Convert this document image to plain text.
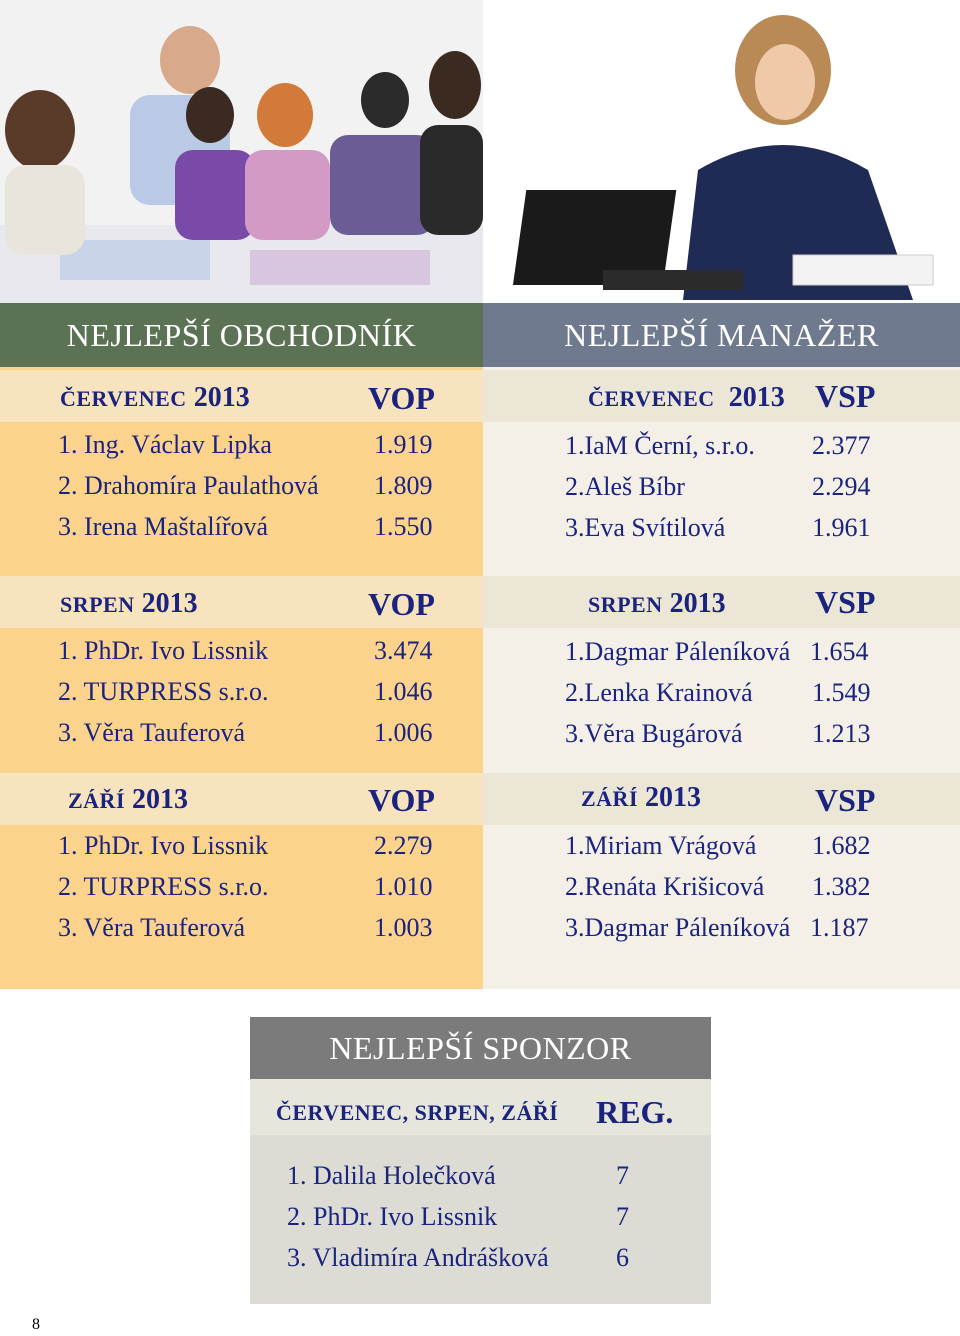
NEJLEPŠÍ OBCHODNÍK	NEJLEPŠÍ MANAŽER
ČERVENEC 2013	VOP
1. Ing. Václav Lipka	1.919
2. Drahomíra Paulathová 1.809
3. Irena Maštalířová	1.550
SRPEN 2013	VOP
1. PhDr. Ivo Lissnik	3.474
2. TURPRESS s.r.o.	1.046
3. Věra Tauferová	1.006
ZÁŘÍ 2013	VOP
1. PhDr. Ivo Lissnik	2.279
2. TURPRESS s.r.o.	1.010
3. Věra Tauferová	1.003
ČERVENEC 2013 VSP
1.IaM Černí, s.r.o. 2.377
2.Aleš Bíbr	2.294
3.Eva Svítilová	1.961
SRPEN 2013	VSP
1.Dagmar Páleníková 1.654
2.Lenka Krainová 1.549
3.Věra Bugárová	1.213
ZÁŘÍ 2013	VSP
1.Miriam Vrágová 1.682
2.Renáta Krišicová 1.382
3.Dagmar Páleníková 1.187
NEJLEPŠÍ SPONZOR
ČERVENEC, SRPEN, ZÁŘÍ REG.
1. Dalila Holečková	7
2. PhDr. Ivo Lissnik	7
3. Vladimíra Andrášková	6
8
